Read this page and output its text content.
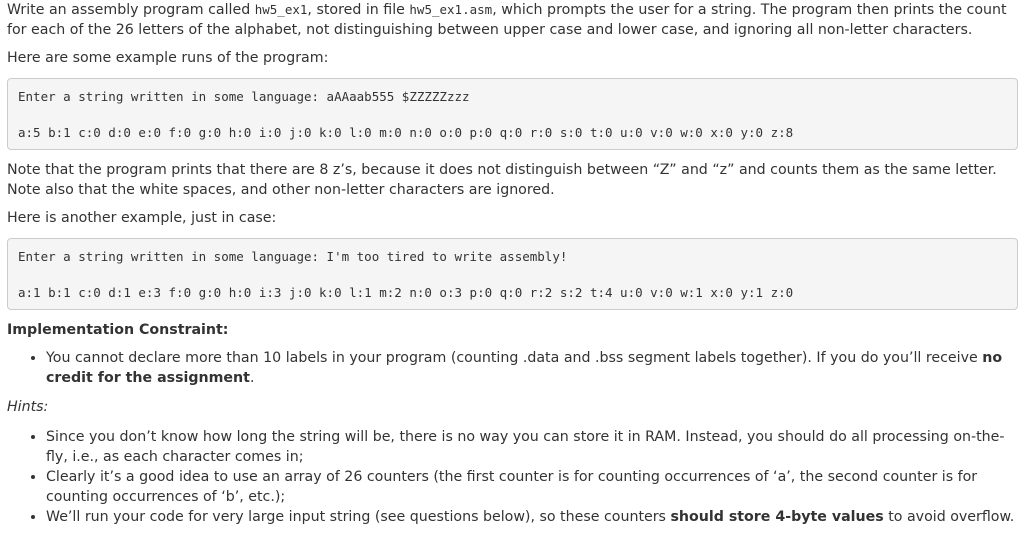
Write an assembly program called hw5_ex1, stored in file hw5_ex1.asm, which prompts the user for a string. The program then prints the count for each of the 26 letters of the alphabet, not distinguishing between upper case and lower case, and ignoring all non-letter characters.

Here are some example runs of the program:

Enter a string written in some language: aAAaab555 $ZZZZZzzz
a:5 b:1 c:0 d:0 e:0 f:0 g:0 h:0 i:0 j:0 k:0 l:0 m:0 n:0 o:0 p:0 q:0 r:0 s:0 t:0 u:0 v:0 w:0 x:0 y:0 z:8

Note that the program prints that there are 8 z’s, because it does not distinguish between “Z” and “z” and counts them as the same letter. Note also that the white spaces, and other non-letter characters are ignored.

Here is another example, just in case:

Enter a string written in some language: I'm too tired to write assembly!
a:1 b:1 c:0 d:1 e:3 f:0 g:0 h:0 i:3 j:0 k:0 l:1 m:2 n:0 o:3 p:0 q:0 r:2 s:2 t:4 u:0 v:0 w:1 x:0 y:1 z:0

Implementation Constraint:

• You cannot declare more than 10 labels in your program (counting .data and .bss segment labels together). If you do you’ll receive no credit for the assignment.

Hints:

• Since you don’t know how long the string will be, there is no way you can store it in RAM. Instead, you should do all processing on-the-fly, i.e., as each character comes in;
• Clearly it’s a good idea to use an array of 26 counters (the first counter is for counting occurrences of ‘a’, the second counter is for counting occurrences of ‘b’, etc.);
• We’ll run your code for very large input string (see questions below), so these counters should store 4-byte values to avoid overflow.
